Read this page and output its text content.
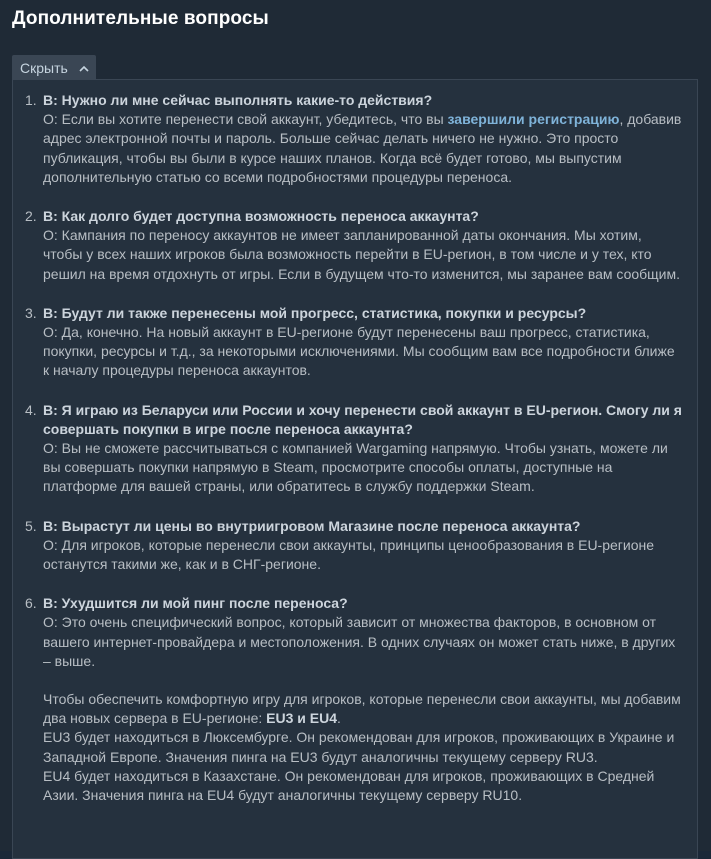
Дополнительные вопросы
Скрыть
1. В: Нужно ли мне сейчас выполнять какие-то действия?
О: Если вы хотите перенести свой аккаунт, убедитесь, что вы завершили регистрацию, добавив адрес электронной почты и пароль. Больше сейчас делать ничего не нужно. Это просто публикация, чтобы вы были в курсе наших планов. Когда всё будет готово, мы выпустим дополнительную статью со всеми подробностями процедуры переноса.
2. В: Как долго будет доступна возможность переноса аккаунта?
О: Кампания по переносу аккаунтов не имеет запланированной даты окончания. Мы хотим, чтобы у всех наших игроков была возможность перейти в EU-регион, в том числе и у тех, кто решил на время отдохнуть от игры. Если в будущем что-то изменится, мы заранее вам сообщим.
3. В: Будут ли также перенесены мой прогресс, статистика, покупки и ресурсы?
О: Да, конечно. На новый аккаунт в EU-регионе будут перенесены ваш прогресс, статистика, покупки, ресурсы и т.д., за некоторыми исключениями. Мы сообщим вам все подробности ближе к началу процедуры переноса аккаунтов.
4. В: Я играю из Беларуси или России и хочу перенести свой аккаунт в EU-регион. Смогу ли я совершать покупки в игре после переноса аккаунта?
О: Вы не сможете рассчитываться с компанией Wargaming напрямую. Чтобы узнать, можете ли вы совершать покупки напрямую в Steam, просмотрите способы оплаты, доступные на платформе для вашей страны, или обратитесь в службу поддержки Steam.
5. В: Вырастут ли цены во внутриигровом Магазине после переноса аккаунта?
О: Для игроков, которые перенесли свои аккаунты, принципы ценообразования в EU-регионе останутся такими же, как и в СНГ-регионе.
6. В: Ухудшится ли мой пинг после переноса?
О: Это очень специфический вопрос, который зависит от множества факторов, в основном от вашего интернет-провайдера и местоположения. В одних случаях он может стать ниже, в других – выше.
Чтобы обеспечить комфортную игру для игроков, которые перенесли свои аккаунты, мы добавим два новых сервера в EU-регионе: EU3 и EU4.
EU3 будет находиться в Люксембурге. Он рекомендован для игроков, проживающих в Украине и Западной Европе. Значения пинга на EU3 будут аналогичны текущему серверу RU3.
EU4 будет находиться в Казахстане. Он рекомендован для игроков, проживающих в Средней Азии. Значения пинга на EU4 будут аналогичны текущему серверу RU10.
